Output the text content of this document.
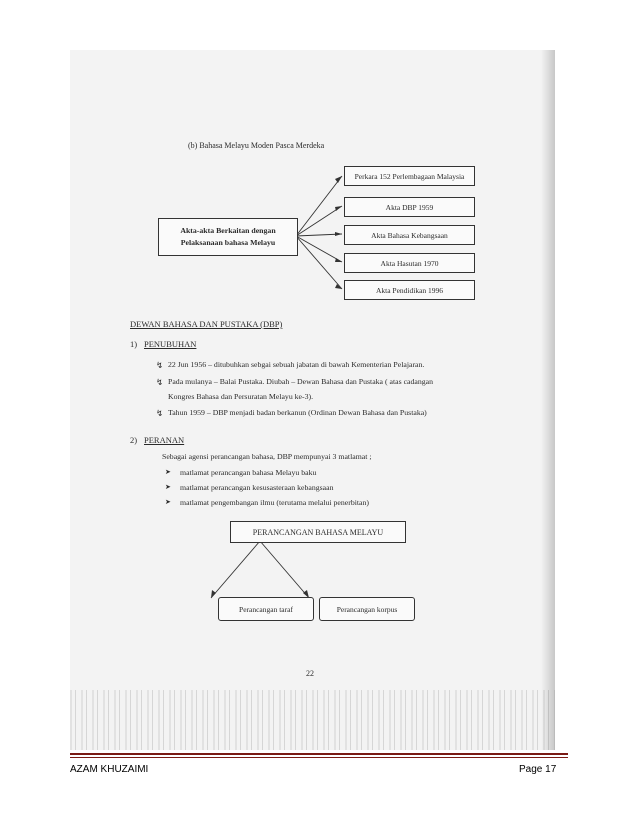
(b) Bahasa Melayu Moden Pasca Merdeka
Akta-akta Berkaitan dengan
Pelaksanaan bahasa Melayu
Perkara 152 Perlembagaan Malaysia
Akta DBP 1959
Akta Bahasa Kebangsaan
Akta Hasutan 1970
Akta Pendidikan 1996
DEWAN BAHASA DAN PUSTAKA (DBP)
1) PENUBUHAN
↯ 22 Jun 1956 – ditubuhkan sebgai sebuah jabatan di bawah Kementerian Pelajaran.
↯ Pada mulanya – Balai Pustaka. Diubah – Dewan Bahasa dan Pustaka ( atas cadangan
Kongres Bahasa dan Persuratan Melayu ke-3).
↯ Tahun 1959 – DBP menjadi badan berkanun (Ordinan Dewan Bahasa dan Pustaka)
2) PERANAN
Sebagai agensi perancangan bahasa, DBP mempunyai 3 matlamat ;
➤ matlamat perancangan bahasa Melayu baku
➤ matlamat perancangan kesusasteraan kebangsaan
➤ matlamat pengembangan ilmu (terutama melalui penerbitan)
PERANCANGAN BAHASA MELAYU
Perancangan taraf	Perancangan korpus
22
AZAM KHUZAIMI	Page 17
